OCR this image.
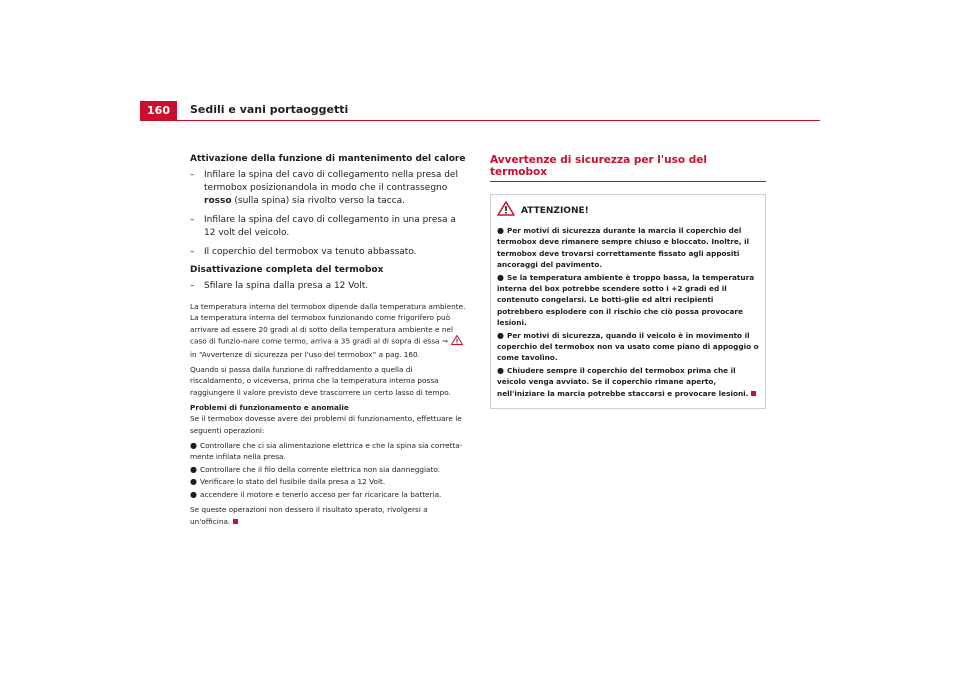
160	Sedili e vani portaoggetti

Attivazione della funzione di mantenimento del calore

– Infilare la spina del cavo di collegamento nella presa del termobox posizionandola in modo che il contrassegno rosso (sulla spina) sia rivolto verso la tacca.
– Infilare la spina del cavo di collegamento in una presa a 12 volt del veicolo.
– Il coperchio del termobox va tenuto abbassato.

Disattivazione completa del termobox

– Sfilare la spina dalla presa a 12 Volt.

La temperatura interna del termobox dipende dalla temperatura ambiente. La temperatura interna del termobox funzionando come frigorifero può arrivare ad essere 20 gradi al di sotto della temperatura ambiente e nel caso di funzio-nare come termo, arriva a 35 gradi al di sopra di essa ⇒  in “Avvertenze di sicurezza per l'uso del termobox” a pag. 160.

Quando si passa dalla funzione di raffreddamento a quella di riscaldamento, o viceversa, prima che la temperatura interna possa raggiungere il valore previsto deve trascorrere un certo lasso di tempo.

Problemi di funzionamento e anomalie

Se il termobox dovesse avere dei problemi di funzionamento, effettuare le seguenti operazioni:

● Controllare che ci sia alimentazione elettrica e che la spina sia corretta-mente infilata nella presa.
● Controllare che il filo della corrente elettrica non sia danneggiato.
● Verificare lo stato del fusibile dalla presa a 12 Volt.
● accendere il motore e tenerlo acceso per far ricaricare la batteria.

Se queste operazioni non dessero il risultato sperato, rivolgersi a un'officina.

Avvertenze di sicurezza per l'uso del termobox
ATTENZIONE!
● Per motivi di sicurezza durante la marcia il coperchio del termobox deve rimanere sempre chiuso e bloccato. Inoltre, il termobox deve trovarsi correttamente fissato agli appositi ancoraggi del pavimento.
● Se la temperatura ambiente è troppo bassa, la temperatura interna del box potrebbe scendere sotto i +2 gradi ed il contenuto congelarsi. Le botti-glie ed altri recipienti potrebbero esplodere con il rischio che ciò possa provocare lesioni.
● Per motivi di sicurezza, quando il veicolo è in movimento il coperchio del termobox non va usato come piano di appoggio o come tavolino.
● Chiudere sempre il coperchio del termobox prima che il veicolo venga avviato. Se il coperchio rimane aperto, nell'iniziare la marcia potrebbe staccarsi e provocare lesioni.
